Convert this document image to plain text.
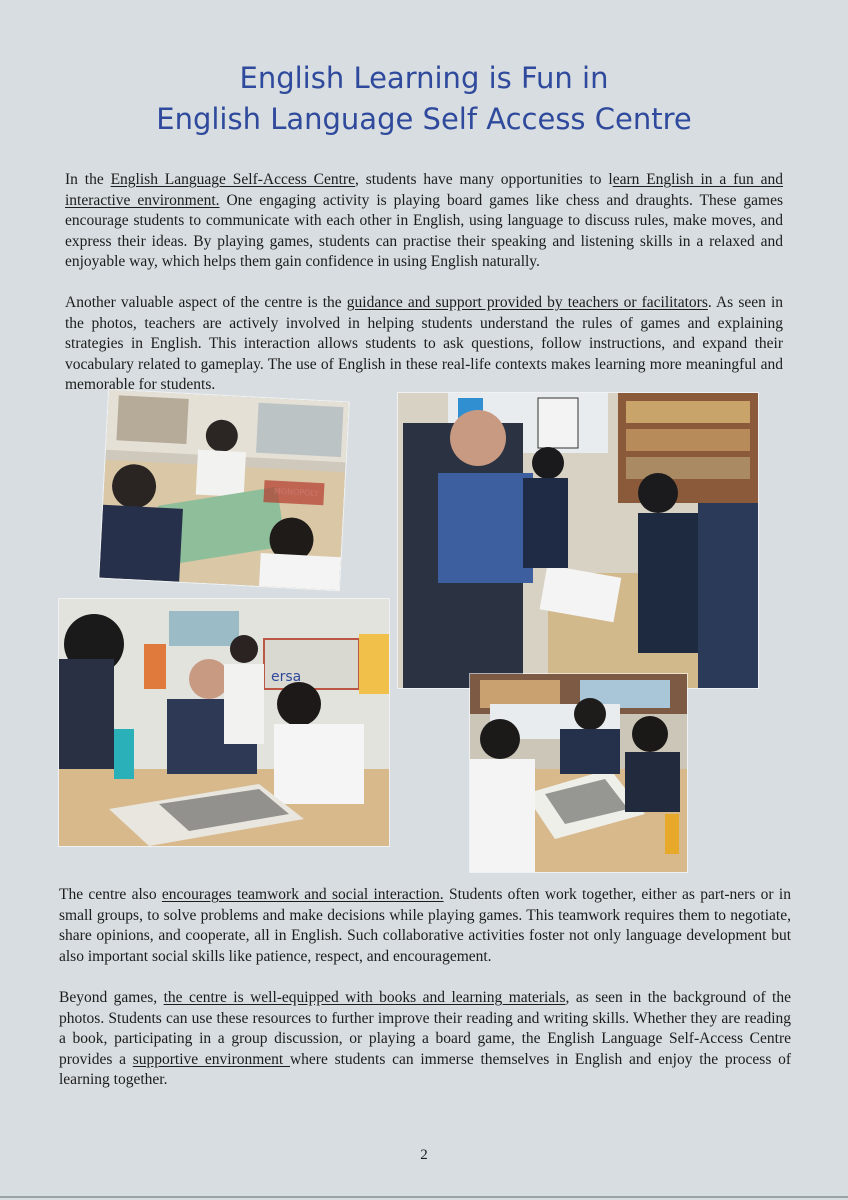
English Learning is Fun in
English Language Self Access Centre

In the English Language Self-Access Centre, students have many opportunities to learn English in a fun and interactive environment. One engaging activity is playing board games like chess and draughts. These games encourage students to communicate with each other in English, using language to discuss rules, make moves, and express their ideas. By playing games, students can practise their speaking and listening skills in a relaxed and enjoyable way, which helps them gain confidence in using English naturally.

Another valuable aspect of the centre is the guidance and support provided by teachers or facilitators. As seen in the photos, teachers are actively involved in helping students understand the rules of games and explaining strategies in English. This interaction allows students to ask questions, follow instructions, and expand their vocabulary related to gameplay. The use of English in these real-life contexts makes learning more meaningful and memorable for students.

ersa

The centre also encourages teamwork and social interaction. Students often work together, either as part-ners or in small groups, to solve problems and make decisions while playing games. This teamwork requires them to negotiate, share opinions, and cooperate, all in English. Such collaborative activities foster not only language development but also important social skills like patience, respect, and encouragement.

Beyond games, the centre is well-equipped with books and learning materials, as seen in the background of the photos. Students can use these resources to further improve their reading and writing skills. Whether they are reading a book, participating in a group discussion, or playing a board game, the English Language Self-Access Centre provides a supportive environment where students can immerse themselves in English and enjoy the process of learning together.

2
